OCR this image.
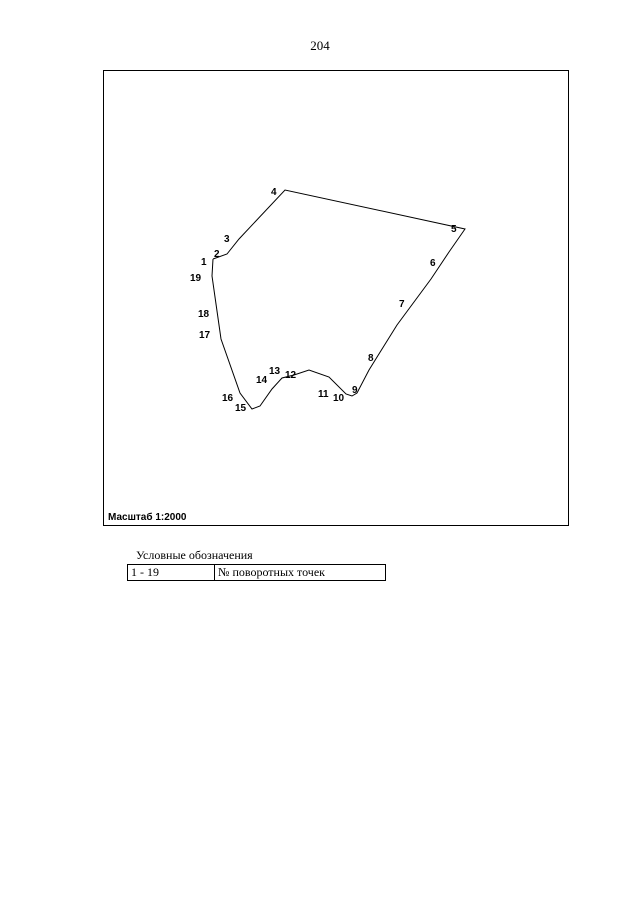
204
1
2
3
4
5
6
7
8
9
10
11
12
13
14
15
16
17
18
19
Масштаб 1:2000
Условные обозначения
1 - 19	№ поворотных точек
